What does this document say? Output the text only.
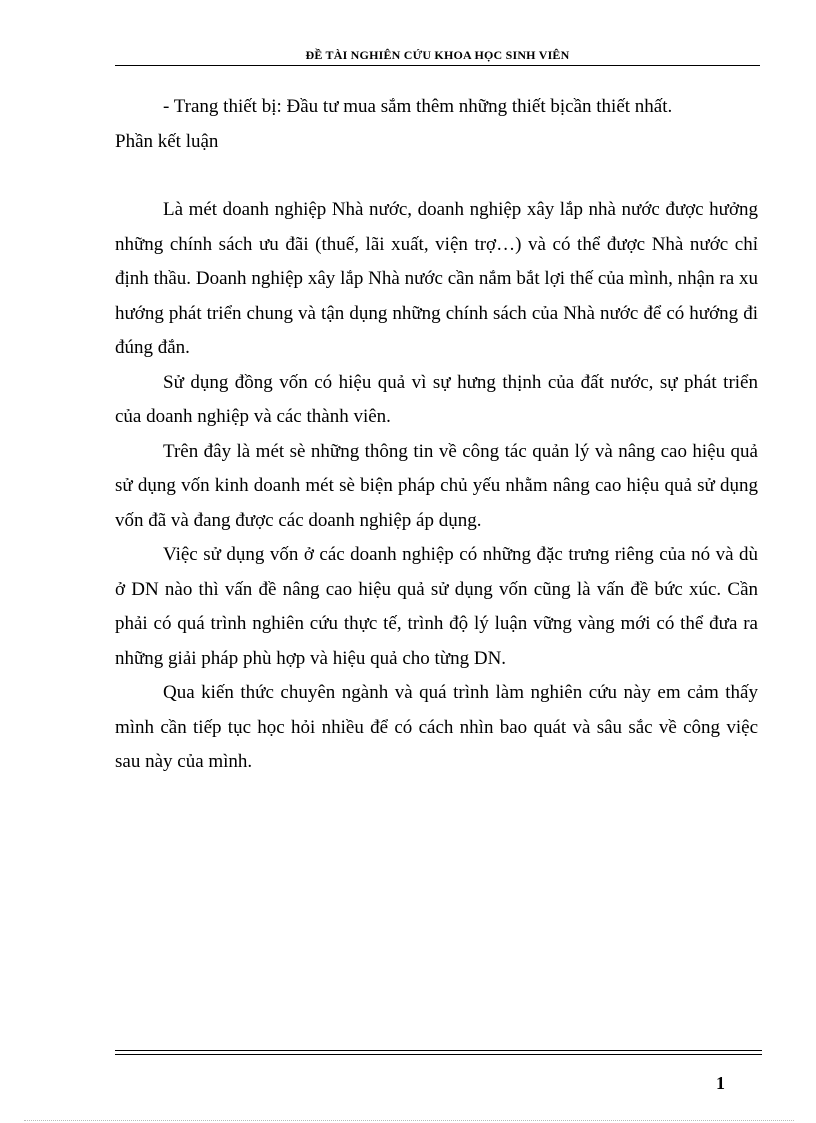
ĐỀ TÀI NGHIÊN CỨU KHOA HỌC SINH VIÊN

- Trang thiết bị: Đầu tư mua sắm thêm những thiết bịcần thiết nhất.

Phần kết luận

Là mét doanh nghiệp Nhà nước, doanh nghiệp xây lắp nhà nước được hưởng những chính sách ưu đãi (thuế, lãi xuất, viện trợ…) và có thể được Nhà nước chỉ định thầu. Doanh nghiệp xây lắp Nhà nước cần nắm bắt lợi thế của mình, nhận ra xu hướng phát triển chung và tận dụng những chính sách của Nhà nước để có hướng đi đúng đắn.

Sử dụng đồng vốn có hiệu quả vì sự hưng thịnh của đất nước, sự phát triển của doanh nghiệp và các thành viên.

Trên đây là mét sè những thông tin về công tác quản lý và nâng cao hiệu quả sử dụng vốn kinh doanh mét sè biện pháp chủ yếu nhằm nâng cao hiệu quả sử dụng vốn đã và đang được các doanh nghiệp áp dụng.

Việc sử dụng vốn ở các doanh nghiệp có những đặc trưng riêng của nó và dù ở DN nào thì vấn đề nâng cao hiệu quả sử dụng vốn cũng là vấn đề bức xúc. Cần phải có quá trình nghiên cứu thực tế, trình độ lý luận vững vàng mới có thể đưa ra những giải pháp phù hợp và hiệu quả cho từng DN.

Qua kiến thức chuyên ngành và quá trình làm nghiên cứu này em cảm thấy mình cần tiếp tục học hỏi nhiều để có cách nhìn bao quát và sâu sắc về công việc sau này của mình.

1
